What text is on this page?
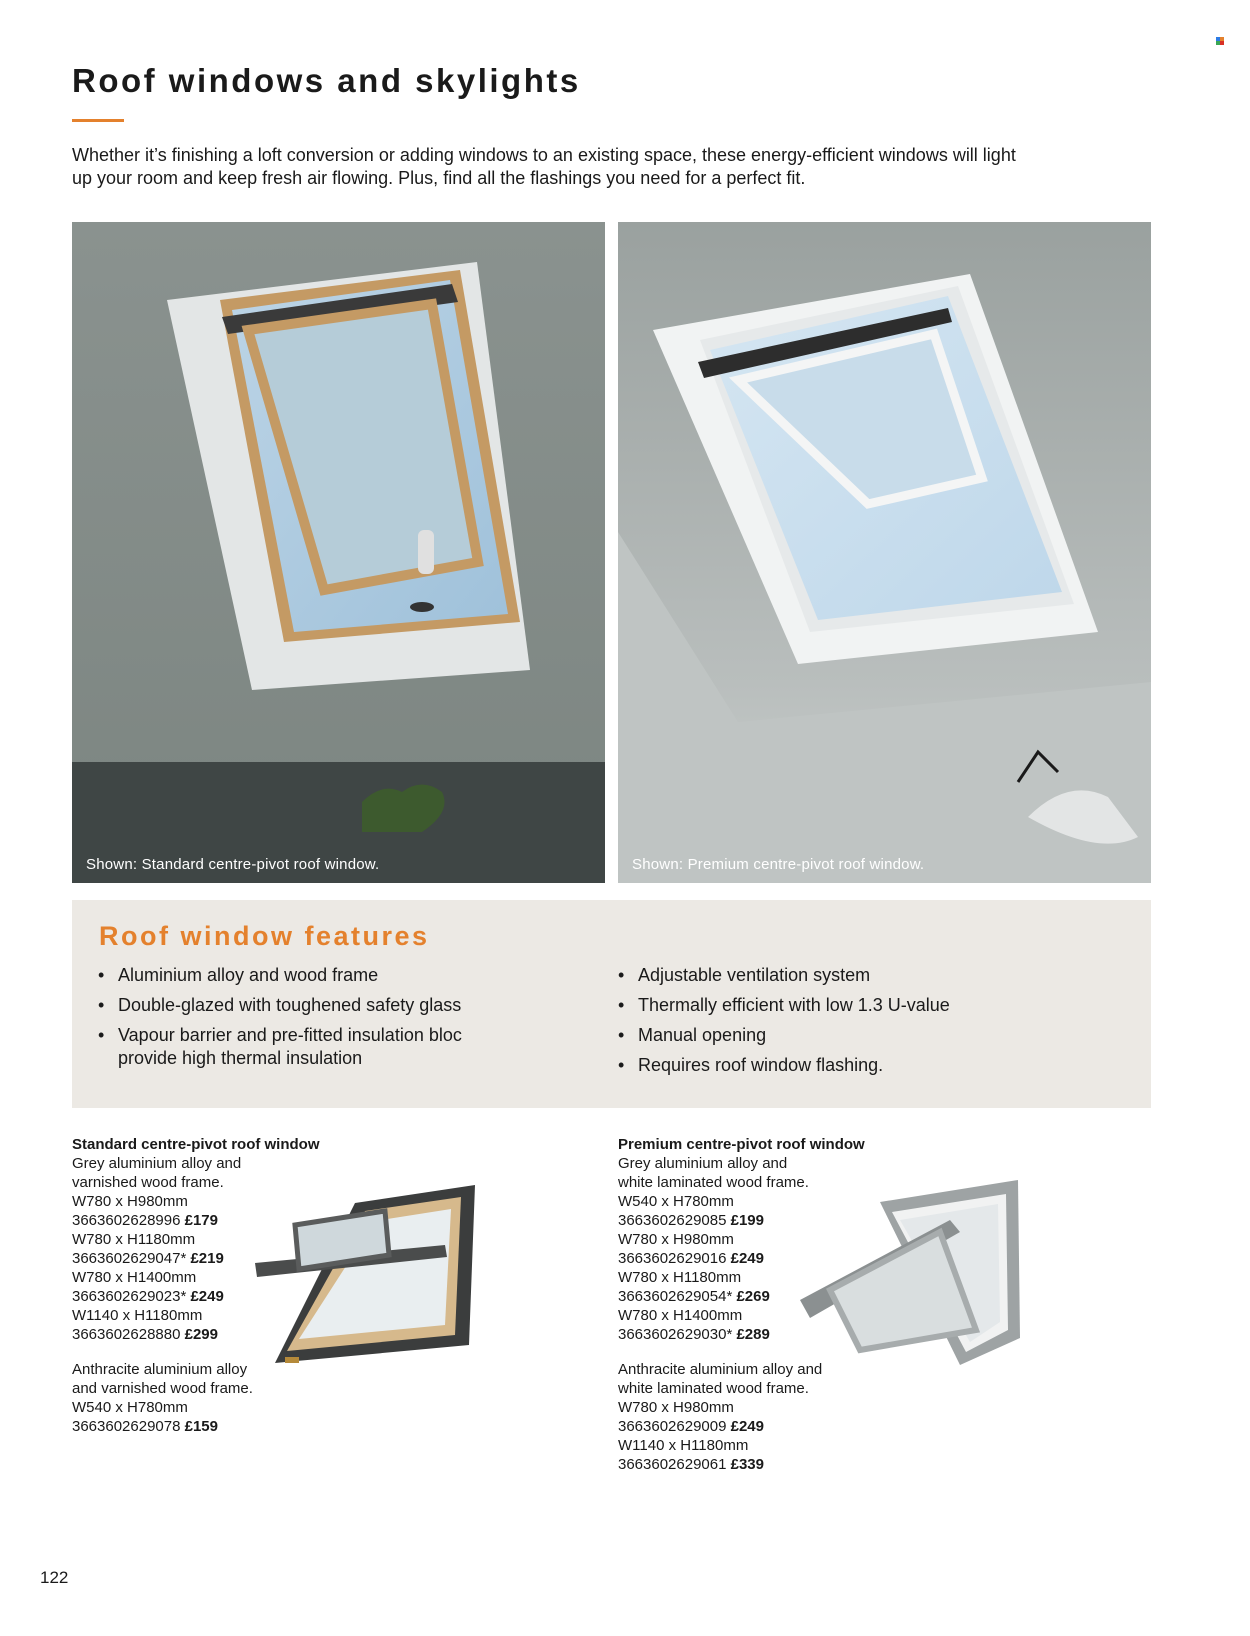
Roof windows and skylights

Whether it’s finishing a loft conversion or adding windows to an existing space, these energy-efficient windows will light up your room and keep fresh air flowing. Plus, find all the flashings you need for a perfect fit.

Shown: Standard centre-pivot roof window.	Shown: Premium centre-pivot roof window.
Roof window features
• Aluminium alloy and wood frame
• Double-glazed with toughened safety glass
• Vapour barrier and pre-fitted insulation bloc provide high thermal insulation
• Adjustable ventilation system
• Thermally efficient with low 1.3 U-value
• Manual opening
• Requires roof window flashing.
Standard centre-pivot roof window
Grey aluminium alloy and
varnished wood frame.
W780 x H980mm
3663602628996 £179
W780 x H1180mm
3663602629047* £219
W780 x H1400mm
3663602629023* £249
W1140 x H1180mm
3663602628880 £299
Anthracite aluminium alloy
and varnished wood frame.
W540 x H780mm
3663602629078 £159
Premium centre-pivot roof window
Grey aluminium alloy and
white laminated wood frame.
W540 x H780mm
3663602629085 £199
W780 x H980mm
3663602629016 £249
W780 x H1180mm
3663602629054* £269
W780 x H1400mm
3663602629030* £289
Anthracite aluminium alloy and
white laminated wood frame.
W780 x H980mm
3663602629009 £249
W1140 x H1180mm
3663602629061 £339
122
